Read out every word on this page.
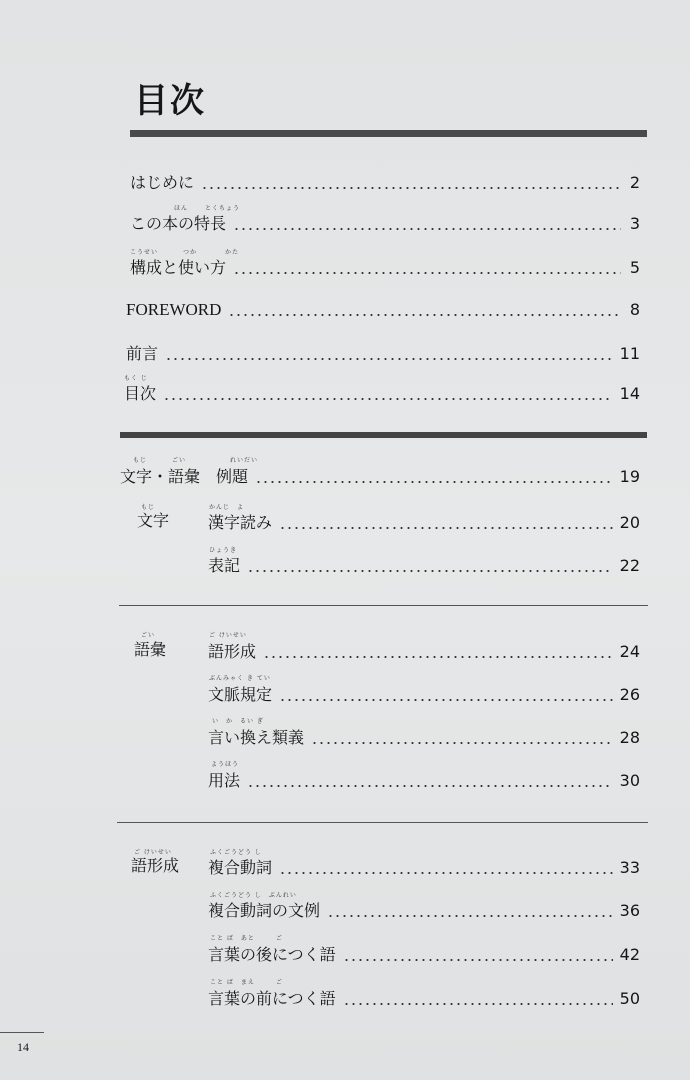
目次
はじめに	2
ほん	とくちょう
この本の特長	3
こうせい	つか	かた
構成と使い方	5
FOREWORD	8
前言	11
もく じ
目次	14
もじ	ごい	れいだい
文字・語彙　例題	19
もじ
文字
かんじ　よ
漢字読み	20
ひょうき
表記	22
ごい
語彙
ご けいせい
語形成	24
ぶんみゃく き てい
文脈規定	26
い　か　るい ぎ
言い換え類義	28
ようほう
用法	30
ご けいせい
語形成
ふくごうどう し
複合動詞	33
ふくごうどう し　ぶんれい
複合動詞の文例	36
こと ば　あと　　　ご
言葉の後につく語	42
こと ば　まえ　　　ご
言葉の前につく語	50
14
